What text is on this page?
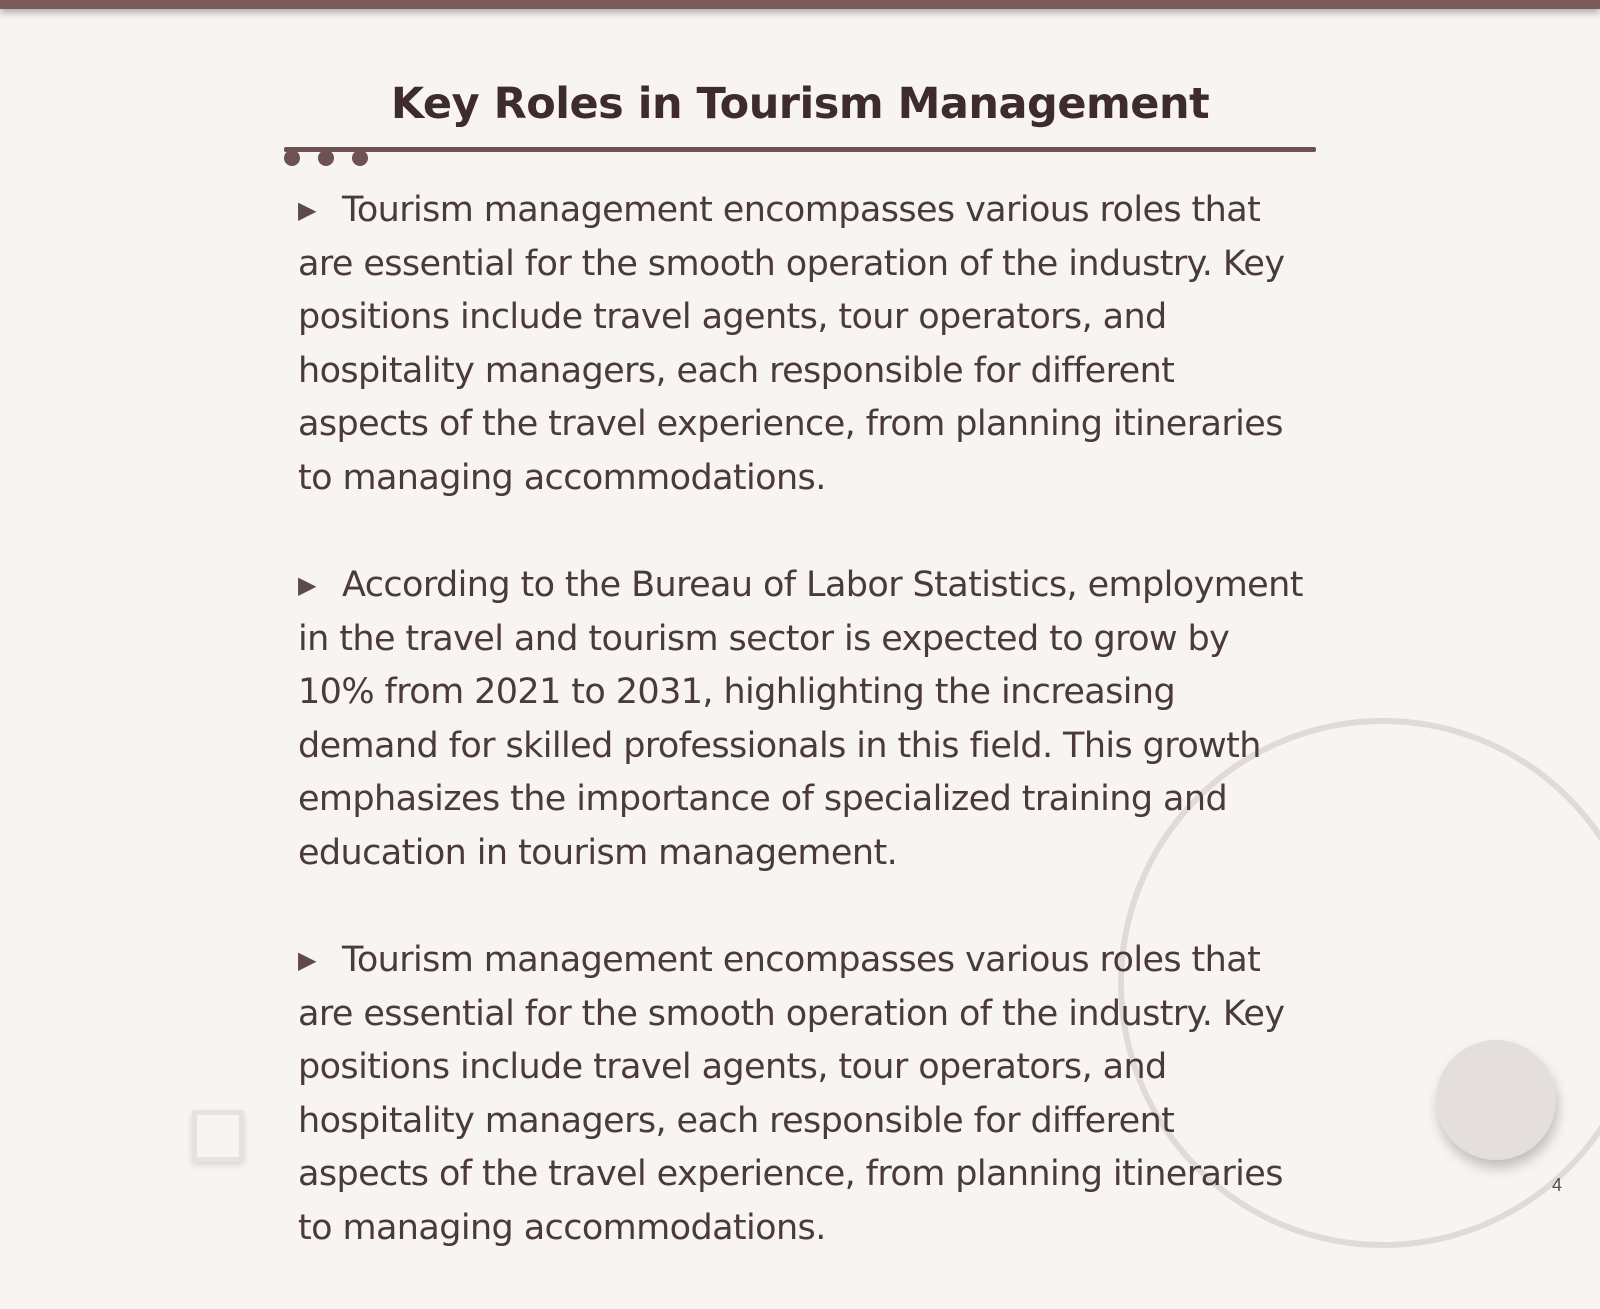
Key Roles in Tourism Management

▶ Tourism management encompasses various roles that are essential for the smooth operation of the industry. Key positions include travel agents, tour operators, and hospitality managers, each responsible for different aspects of the travel experience, from planning itineraries to managing accommodations.

▶ According to the Bureau of Labor Statistics, employment in the travel and tourism sector is expected to grow by 10% from 2021 to 2031, highlighting the increasing demand for skilled professionals in this field. This growth emphasizes the importance of specialized training and education in tourism management.

▶ Tourism management encompasses various roles that are essential for the smooth operation of the industry. Key positions include travel agents, tour operators, and hospitality managers, each responsible for different aspects of the travel experience, from planning itineraries to managing accommodations.

4
